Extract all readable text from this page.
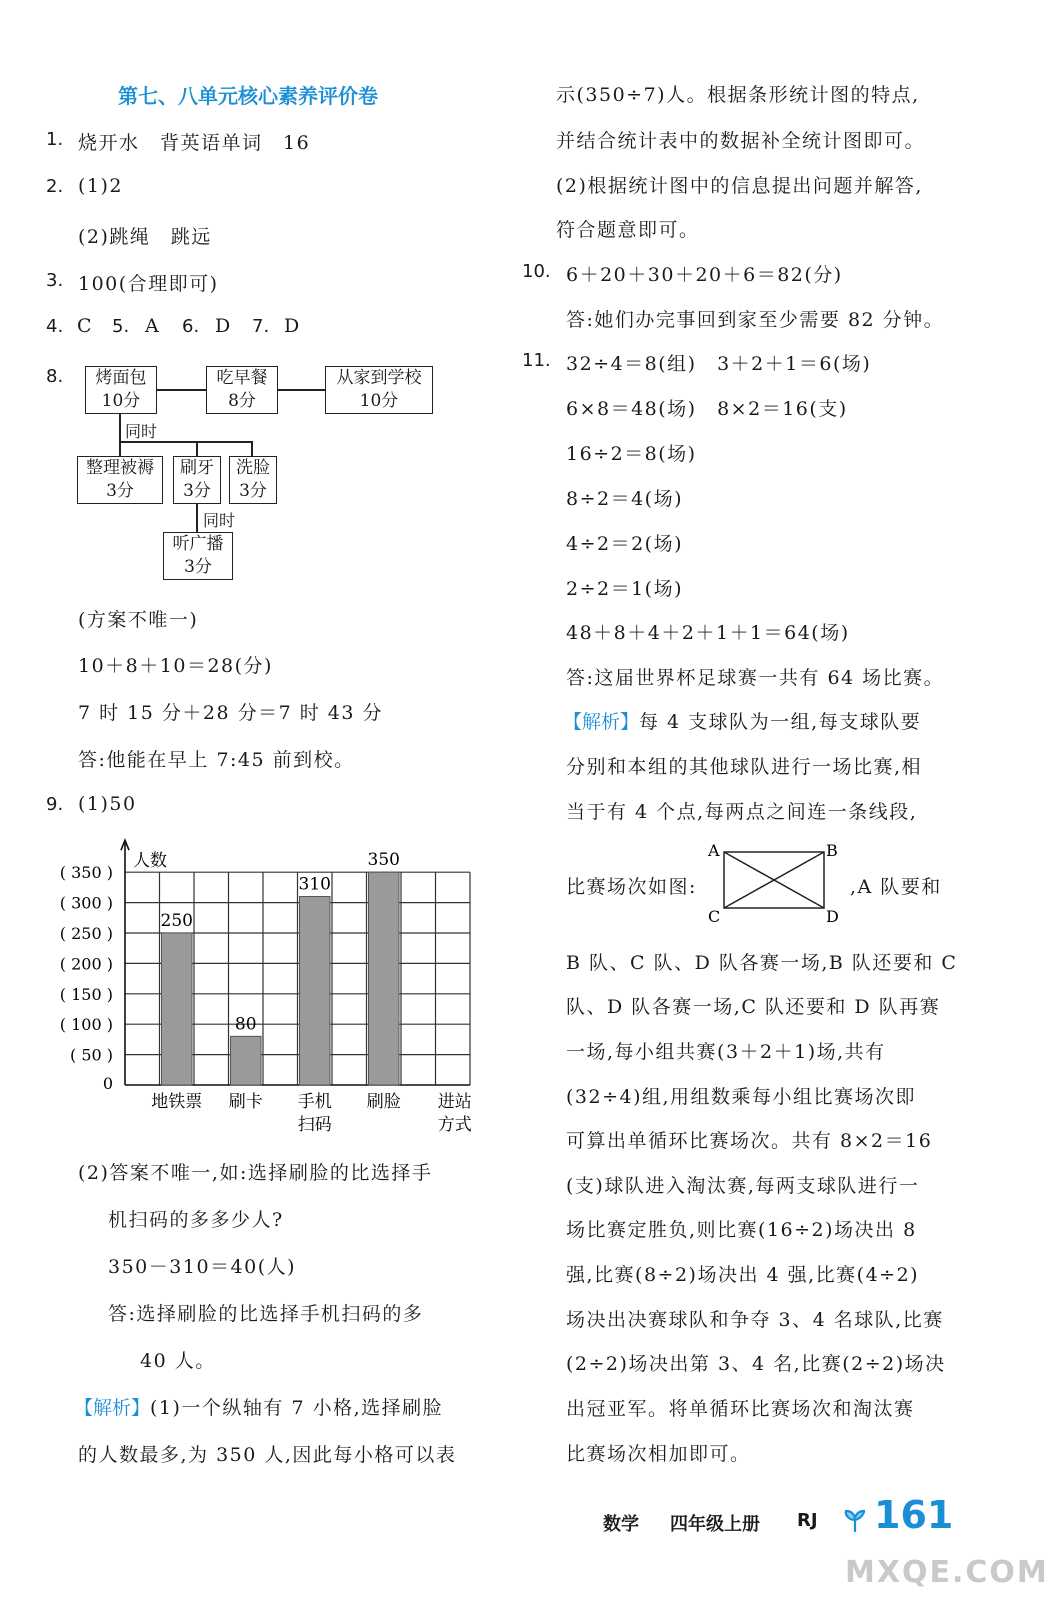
第七、八单元核心素养评价卷
1. 烧开水　背英语单词　16
2. (1)2
(2)跳绳　跳远
3. 100(合理即可)
4. C 5. A 6. D 7. D
8.	烤面包
10分
吃早餐
8分
从家到学校
10分
同时
整理被褥
3分
刷牙
3分
洗脸
3分
同时
听广播
3分
(方案不唯一)
10＋8＋10＝28(分)
7 时 15 分＋28 分＝7 时 43 分
答:他能在早上 7:45 前到校。
9. (1)50
人数
0
( 350 )
( 300 )
( 250 )
( 200 )
( 150 )
( 100 )
( 50 )
250
地铁票
80
刷卡
310
手机
扫码
350
刷脸 进站
方式
(2)答案不唯一,如:选择刷脸的比选择手
机扫码的多多少人?
350－310＝40(人)
答:选择刷脸的比选择手机扫码的多
40 人。
【解析】(1)一个纵轴有 7 小格,选择刷脸
的人数最多,为 350 人,因此每小格可以表
示(350÷7)人。根据条形统计图的特点,
并结合统计表中的数据补全统计图即可。
(2)根据统计图中的信息提出问题并解答,
符合题意即可。
10. 6＋20＋30＋20＋6＝82(分)
答:她们办完事回到家至少需要 82 分钟。
11. 32÷4＝8(组)　3＋2＋1＝6(场)
6×8＝48(场)　8×2＝16(支)
16÷2＝8(场)
8÷2＝4(场)
4÷2＝2(场)
2÷2＝1(场)
48＋8＋4＋2＋1＋1＝64(场)
答:这届世界杯足球赛一共有 64 场比赛。
【解析】每 4 支球队为一组,每支球队要
分别和本组的其他球队进行一场比赛,相
当于有 4 个点,每两点之间连一条线段,
比赛场次如图:
A	B
C	D
,A 队要和
B 队、C 队、D 队各赛一场,B 队还要和 C
队、D 队各赛一场,C 队还要和 D 队再赛
一场,每小组共赛(3＋2＋1)场,共有
(32÷4)组,用组数乘每小组比赛场次即
可算出单循环比赛场次。共有 8×2＝16
(支)球队进入淘汰赛,每两支球队进行一
场比赛定胜负,则比赛(16÷2)场决出 8
强,比赛(8÷2)场决出 4 强,比赛(4÷2)
场决出决赛球队和争夺 3、4 名球队,比赛
(2÷2)场决出第 3、4 名,比赛(2÷2)场决
出冠亚军。将单循环比赛场次和淘汰赛
比赛场次相加即可。
数学 四年级上册 RJ 161
MXQE.COM
